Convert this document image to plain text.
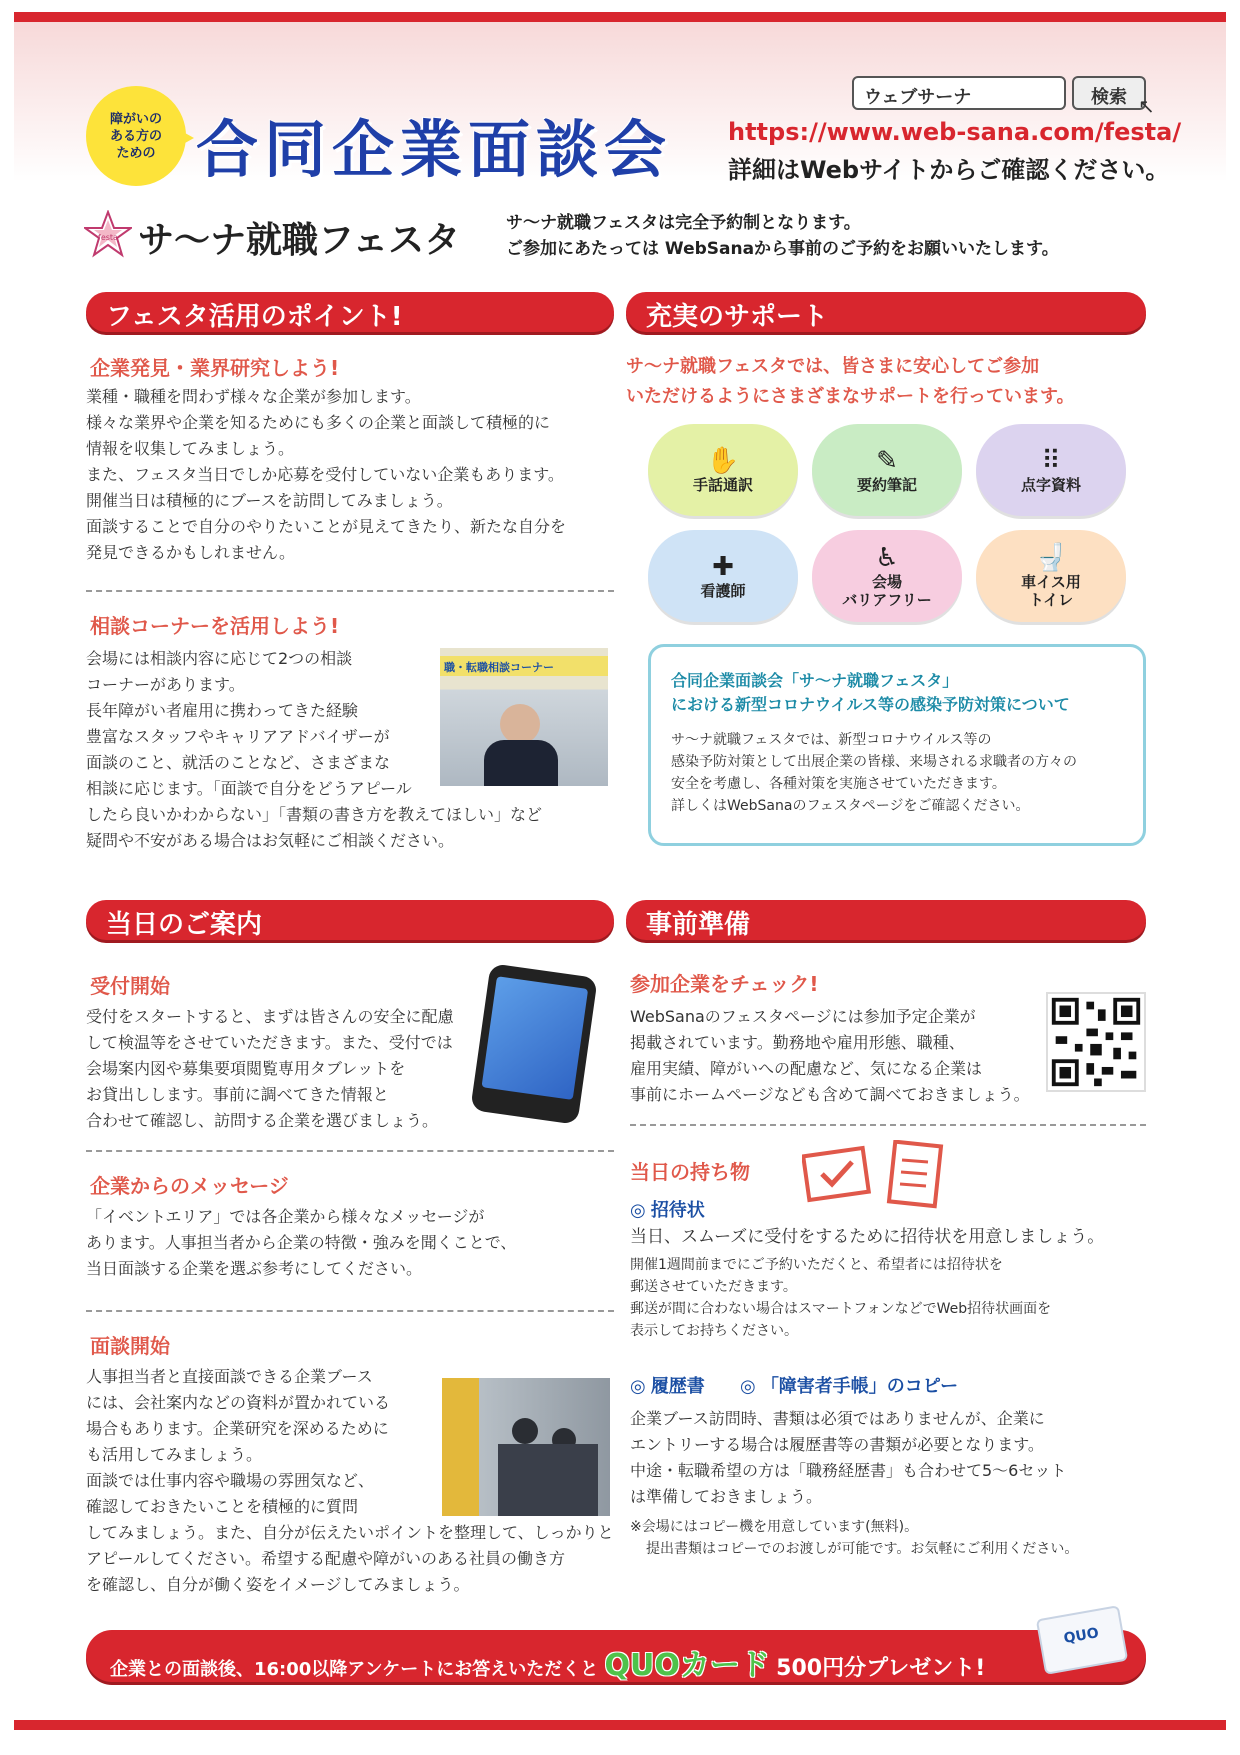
障がいの
ある方の
ための 合同企業面談会
ウェブサーナ	検索 ↖
https://www.web-sana.com/festa/
詳細はWebサイトからご確認ください。
festa サ〜ナ就職フェスタ	サ〜ナ就職フェスタは完全予約制となります。
ご参加にあたっては WebSanaから事前のご予約をお願いいたします。
フェスタ活用のポイント!
企業発見・業界研究しよう!
業種・職種を問わず様々な企業が参加します。
様々な業界や企業を知るためにも多くの企業と面談して積極的に
情報を収集してみましょう。
また、フェスタ当日でしか応募を受付していない企業もあります。
開催当日は積極的にブースを訪問してみましょう。
面談することで自分のやりたいことが見えてきたり、新たな自分を
発見できるかもしれません。
相談コーナーを活用しよう!
会場には相談内容に応じて2つの相談
コーナーがあります。
長年障がい者雇用に携わってきた経験
豊富なスタッフやキャリアアドバイザーが
面談のこと、就活のことなど、さまざまな
相談に応じます。「面談で自分をどうアピール
したら良いかわからない」「書類の書き方を教えてほしい」など
疑問や不安がある場合はお気軽にご相談ください。
職・転職相談コーナー
充実のサポート
サ〜ナ就職フェスタでは、皆さまに安心してご参加
いただけるようにさまざまなサポートを行っています。
✋
手話通訳
✎
要約筆記
⠿
点字資料
✚
看護師
♿
会場
バリアフリー
🚽
車イス用
トイレ
合同企業面談会「サ〜ナ就職フェスタ」
における新型コロナウイルス等の感染予防対策について
サ〜ナ就職フェスタでは、新型コロナウイルス等の
感染予防対策として出展企業の皆様、来場される求職者の方々の
安全を考慮し、各種対策を実施させていただきます。
詳しくはWebSanaのフェスタページをご確認ください。
当日のご案内
受付開始
受付をスタートすると、まずは皆さんの安全に配慮
して検温等をさせていただきます。また、受付では
会場案内図や募集要項閲覧専用タブレットを
お貸出しします。事前に調べてきた情報と
合わせて確認し、訪問する企業を選びましょう。
企業からのメッセージ
「イベントエリア」では各企業から様々なメッセージが
あります。人事担当者から企業の特徴・強みを聞くことで、
当日面談する企業を選ぶ参考にしてください。
面談開始
人事担当者と直接面談できる企業ブース
には、会社案内などの資料が置かれている
場合もあります。企業研究を深めるために
も活用してみましょう。
面談では仕事内容や職場の雰囲気など、
確認しておきたいことを積極的に質問
してみましょう。また、自分が伝えたいポイントを整理して、しっかりと
アピールしてください。希望する配慮や障がいのある社員の働き方
を確認し、自分が働く姿をイメージしてみましょう。
事前準備
参加企業をチェック!
WebSanaのフェスタページには参加予定企業が
掲載されています。勤務地や雇用形態、職種、
雇用実績、障がいへの配慮など、気になる企業は
事前にホームページなども含めて調べておきましょう。
当日の持ち物
◎ 招待状
当日、スムーズに受付をするために招待状を用意しましょう。
開催1週間前までにご予約いただくと、希望者には招待状を
郵送させていただきます。
郵送が間に合わない場合はスマートフォンなどでWeb招待状画面を
表示してお持ちください。
◎ 履歴書 ◎ 「障害者手帳」のコピー
企業ブース訪問時、書類は必須ではありませんが、企業に
エントリーする場合は履歴書等の書類が必要となります。
中途・転職希望の方は「職務経歴書」も合わせて5〜6セット
は準備しておきましょう。
※会場にはコピー機を用意しています(無料)。
提出書類はコピーでのお渡しが可能です。お気軽にご利用ください。
企業との面談後、16:00以降アンケートにお答えいただくと QUOカード 500円分プレゼント!
QUO
